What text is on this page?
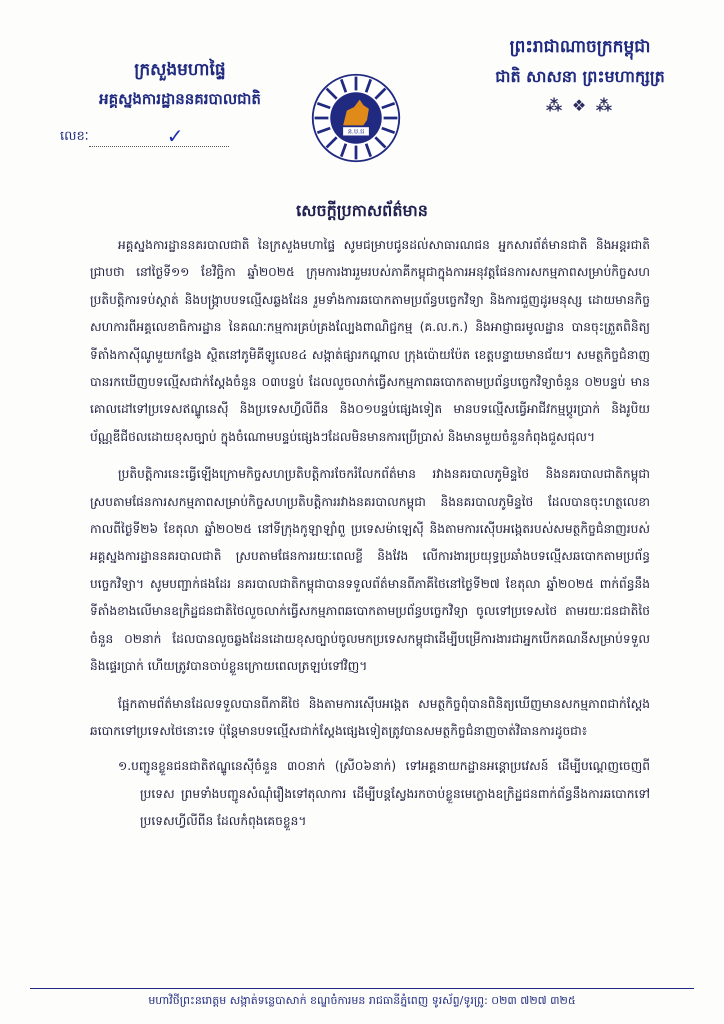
ក្រសួងមហាផ្ទៃ
អគ្គស្នងការដ្ឋាននគរបាលជាតិ
លេខៈ	✓	ន.ប.ជ
ព្រះរាជាណាចក្រកម្ពុជា
ជាតិ សាសនា ព្រះមហាក្សត្រ
⁂ ❖ ⁂
សេចក្តីប្រកាសព័ត៌មាន

អគ្គស្នងការដ្ឋាននគរបាលជាតិ នៃក្រសួងមហាផ្ទៃ សូមជម្រាបជូនដល់សាធារណជន អ្នកសារព័ត៌មានជាតិ និងអន្តរជាតិជ្រាបថា នៅថ្ងៃទី១១ ខែវិច្ឆិកា ឆ្នាំ២០២៥ ក្រុមការងាររួមរបស់ភាគីកម្ពុជាក្នុងការអនុវត្តផែនការសកម្មភាពសម្រាប់កិច្ចសហប្រតិបត្តិការទប់ស្កាត់ និងបង្ក្រាបបទល្មើសឆ្លងដែន រួមទាំងការឆបោកតាមប្រព័ន្ធបច្ចេកវិទ្យា និងការជួញដូរមនុស្ស ដោយមានកិច្ចសហការពីអគ្គលេខាធិការដ្ឋាន នៃគណៈកម្មការគ្រប់គ្រងល្បែងពាណិជ្ជកម្ម (គ.ល.ក.) និងអាជ្ញាធរមូលដ្ឋាន បានចុះត្រួតពិនិត្យទីតាំងកាស៊ីណូមួយកន្លែង ស្ថិតនៅភូមិគីឡូលេខ៤ សង្កាត់ផ្សារកណ្តាល ក្រុងប៉ោយប៉ែត ខេត្តបន្ទាយមានជ័យ។ សមត្ថកិច្ចជំនាញបានរកឃើញបទល្មើសជាក់ស្តែងចំនួន ០៣បន្ទប់ ដែលលួចលាក់ធ្វើសកម្មភាពឆបោកតាមប្រព័ន្ធបច្ចេកវិទ្យាចំនួន ០២បន្ទប់ មានគោលដៅទៅប្រទេសឥណ្ឌូនេស៊ី និងប្រទេសហ្វីលីពីន និង០១បន្ទប់ផ្សេងទៀត មានបទល្មើសធ្វើអាជីវកម្មប្តូរប្រាក់ និងរូបិយប័ណ្ណឌីជីថលដោយខុសច្បាប់ ក្នុងចំណោមបន្ទប់ផ្សេងៗដែលមិនមានការប្រើប្រាស់ និងមានមួយចំនួនកំពុងជួសជុល។

ប្រតិបត្តិការនេះធ្វើឡើងក្រោមកិច្ចសហប្រតិបត្តិការចែករំលែកព័ត៌មាន រវាងនគរបាលភូមិន្ទថៃ និងនគរបាលជាតិកម្ពុជា ស្របតាមផែនការសកម្មភាពសម្រាប់កិច្ចសហប្រតិបត្តិការរវាងនគរបាលកម្ពុជា និងនគរបាលភូមិន្ទថៃ ដែលបានចុះហត្ថលេខាកាលពីថ្ងៃទី២៦ ខែតុលា ឆ្នាំ២០២៥ នៅទីក្រុងកូឡាឡាំពួ ប្រទេសម៉ាឡេស៊ី និងតាមការស៊ើបអង្កេតរបស់សមត្ថកិច្ចជំនាញរបស់អគ្គស្នងការដ្ឋាននគរបាលជាតិ ស្របតាមផែនការរយៈពេលខ្លី និងវែង លើការងារប្រយុទ្ធប្រឆាំងបទល្មើសឆបោកតាមប្រព័ន្ធបច្ចេកវិទ្យា។ សូមបញ្ជាក់ផងដែរ នគរបាលជាតិកម្ពុជាបានទទួលព័ត៌មានពីភាគីថៃនៅថ្ងៃទី២៧ ខែតុលា ឆ្នាំ២០២៥ ពាក់ព័ន្ធនឹងទីតាំងខាងលើមានឧក្រិដ្ឋជនជាតិថៃលួចលាក់ធ្វើសកម្មភាពឆបោកតាមប្រព័ន្ធបច្ចេកវិទ្យា ចូលទៅប្រទេសថៃ តាមរយៈជនជាតិថៃចំនួន ០២នាក់ ដែលបានលួចឆ្លងដែនដោយខុសច្បាប់ចូលមកប្រទេសកម្ពុជាដើម្បីបម្រើការងារជាអ្នកបើកគណនីសម្រាប់ទទួលនិងផ្ទេរប្រាក់ ហើយត្រូវបានចាប់ខ្លួនក្រោយពេលត្រឡប់ទៅវិញ។

ផ្អែកតាមព័ត៌មានដែលទទួលបានពីភាគីថៃ និងតាមការស៊ើបអង្កេត សមត្ថកិច្ចពុំបានពិនិត្យឃើញមានសកម្មភាពជាក់ស្តែងឆបោកទៅប្រទេសថៃនោះទេ ប៉ុន្តែមានបទល្មើសជាក់ស្តែងផ្សេងទៀតត្រូវបានសមត្ថកិច្ចជំនាញចាត់វិធានការដូចជា៖

១.បញ្ជូនខ្លួនជនជាតិឥណ្ឌូនេស៊ីចំនួន ៣០នាក់ (ស្រី០៦នាក់) ទៅអគ្គនាយកដ្ឋានអន្តោប្រវេសន៍ ដើម្បីបណ្តេញចេញពីប្រទេស ព្រមទាំងបញ្ជូនសំណុំរឿងទៅតុលាការ ដើម្បីបន្តស្វែងរកចាប់ខ្លួនមេក្លោងឧក្រិដ្ឋជនពាក់ព័ន្ធនឹងការឆបោកទៅប្រទេសហ្វីលីពីន ដែលកំពុងគេចខ្លួន។

មហាវិថីព្រះនរោត្តម សង្កាត់ទន្លេបាសាក់ ខណ្ឌចំការមន រាជធានីភ្នំពេញ ទូរស័ព្ទ/ទូរព្រូ: ០២៣ ៧២៧ ៣២៥
